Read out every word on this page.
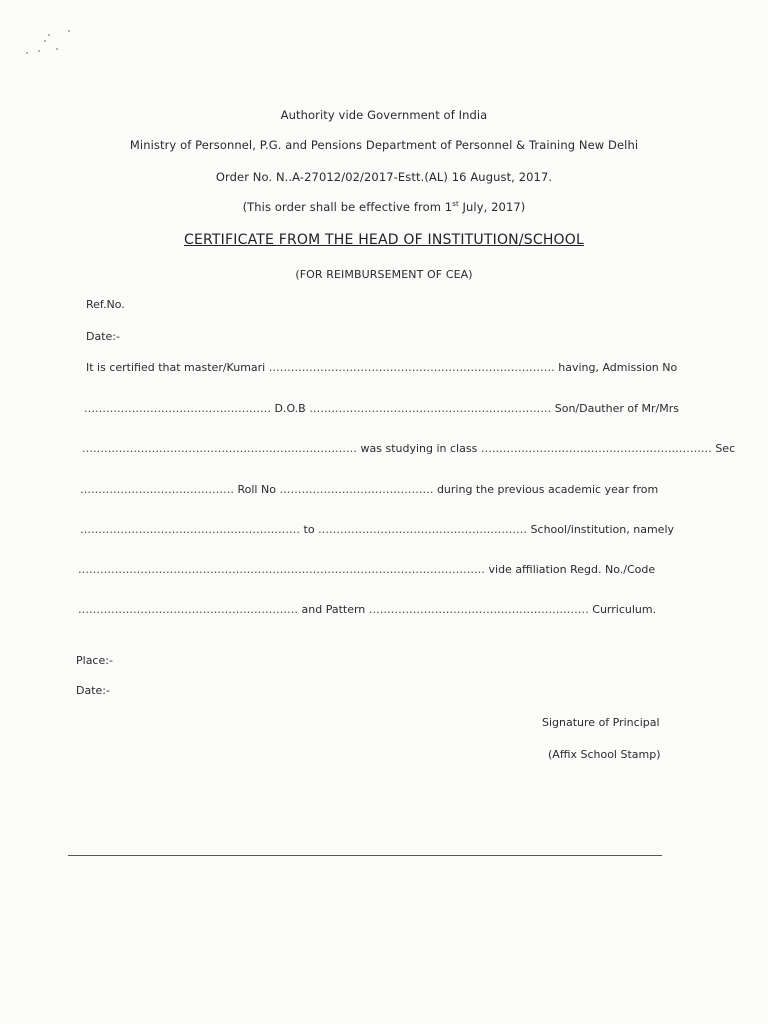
Authority vide Government of India
Ministry of Personnel, P.G. and Pensions Department of Personnel & Training New Delhi
Order No. N..A-27012/02/2017-Estt.(AL) 16 August, 2017.
(This order shall be effective from 1st July, 2017)
CERTIFICATE FROM THE HEAD OF INSTITUTION/SCHOOL
(FOR REIMBURSEMENT OF CEA)
Ref.No.
Date:-
It is certified that master/Kumari …………………………………………………………………… having, Admission No
…………………………………………… D.O.B ………………………………………………………… Son/Dauther of Mr/Mrs
………………………………………………………………… was studying in class ……………………………………………………… Sec
…………………………………… Roll No …………………………………… during the previous academic year from
…………………………………………………… to ………………………………………………… School/institution, namely
………………………………………………………………………………………………… vide affiliation Regd. No./Code
…………………………………………………… and Pattern …………………………………………………… Curriculum.
Place:-
Date:-
Signature of Principal
(Affix School Stamp)
